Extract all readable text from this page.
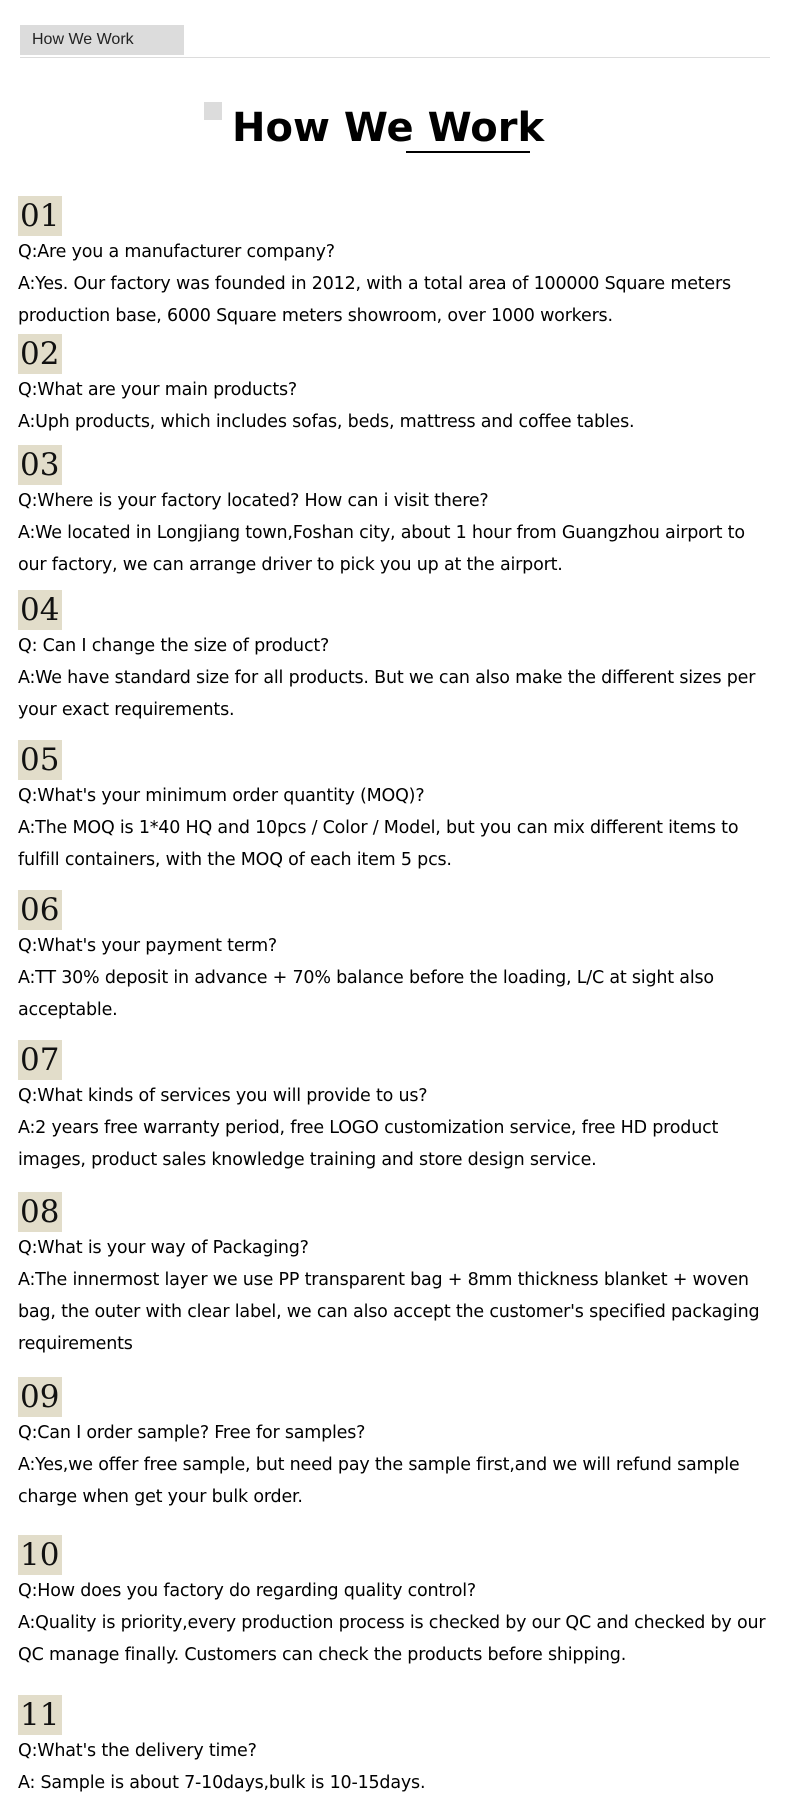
How We Work
How We Work
01
Q:Are you a manufacturer company?
A:Yes. Our factory was founded in 2012, with a total area of 100000 Square meters production base, 6000 Square meters showroom, over 1000 workers.
02
Q:What are your main products?
A:Uph products, which includes sofas, beds, mattress and coffee tables.
03
Q:Where is your factory located? How can i visit there?
A:We located in Longjiang town,Foshan city, about 1 hour from Guangzhou airport to our factory, we can arrange driver to pick you up at the airport.
04
Q: Can I change the size of product?
A:We have standard size for all products. But we can also make the different sizes per your exact requirements.
05
Q:What's your minimum order quantity (MOQ)?
A:The MOQ is 1*40 HQ and 10pcs / Color / Model, but you can mix different items to fulfill containers, with the MOQ of each item 5 pcs.
06
Q:What's your payment term?
A:TT 30% deposit in advance + 70% balance before the loading, L/C at sight also acceptable.
07
Q:What kinds of services you will provide to us?
A:2 years free warranty period, free LOGO customization service, free HD product images, product sales knowledge training and store design service.
08
Q:What is your way of Packaging?
A:The innermost layer we use PP transparent bag + 8mm thickness blanket + woven bag, the outer with clear label, we can also accept the customer's specified packaging requirements
09
Q:Can I order sample? Free for samples?
A:Yes,we offer free sample, but need pay the sample first,and we will refund sample charge when get your bulk order.
10
Q:How does you factory do regarding quality control?
A:Quality is priority,every production process is checked by our QC and checked by our QC manage finally. Customers can check the products before shipping.
11
Q:What's the delivery time?
A: Sample is about 7-10days,bulk is 10-15days.
